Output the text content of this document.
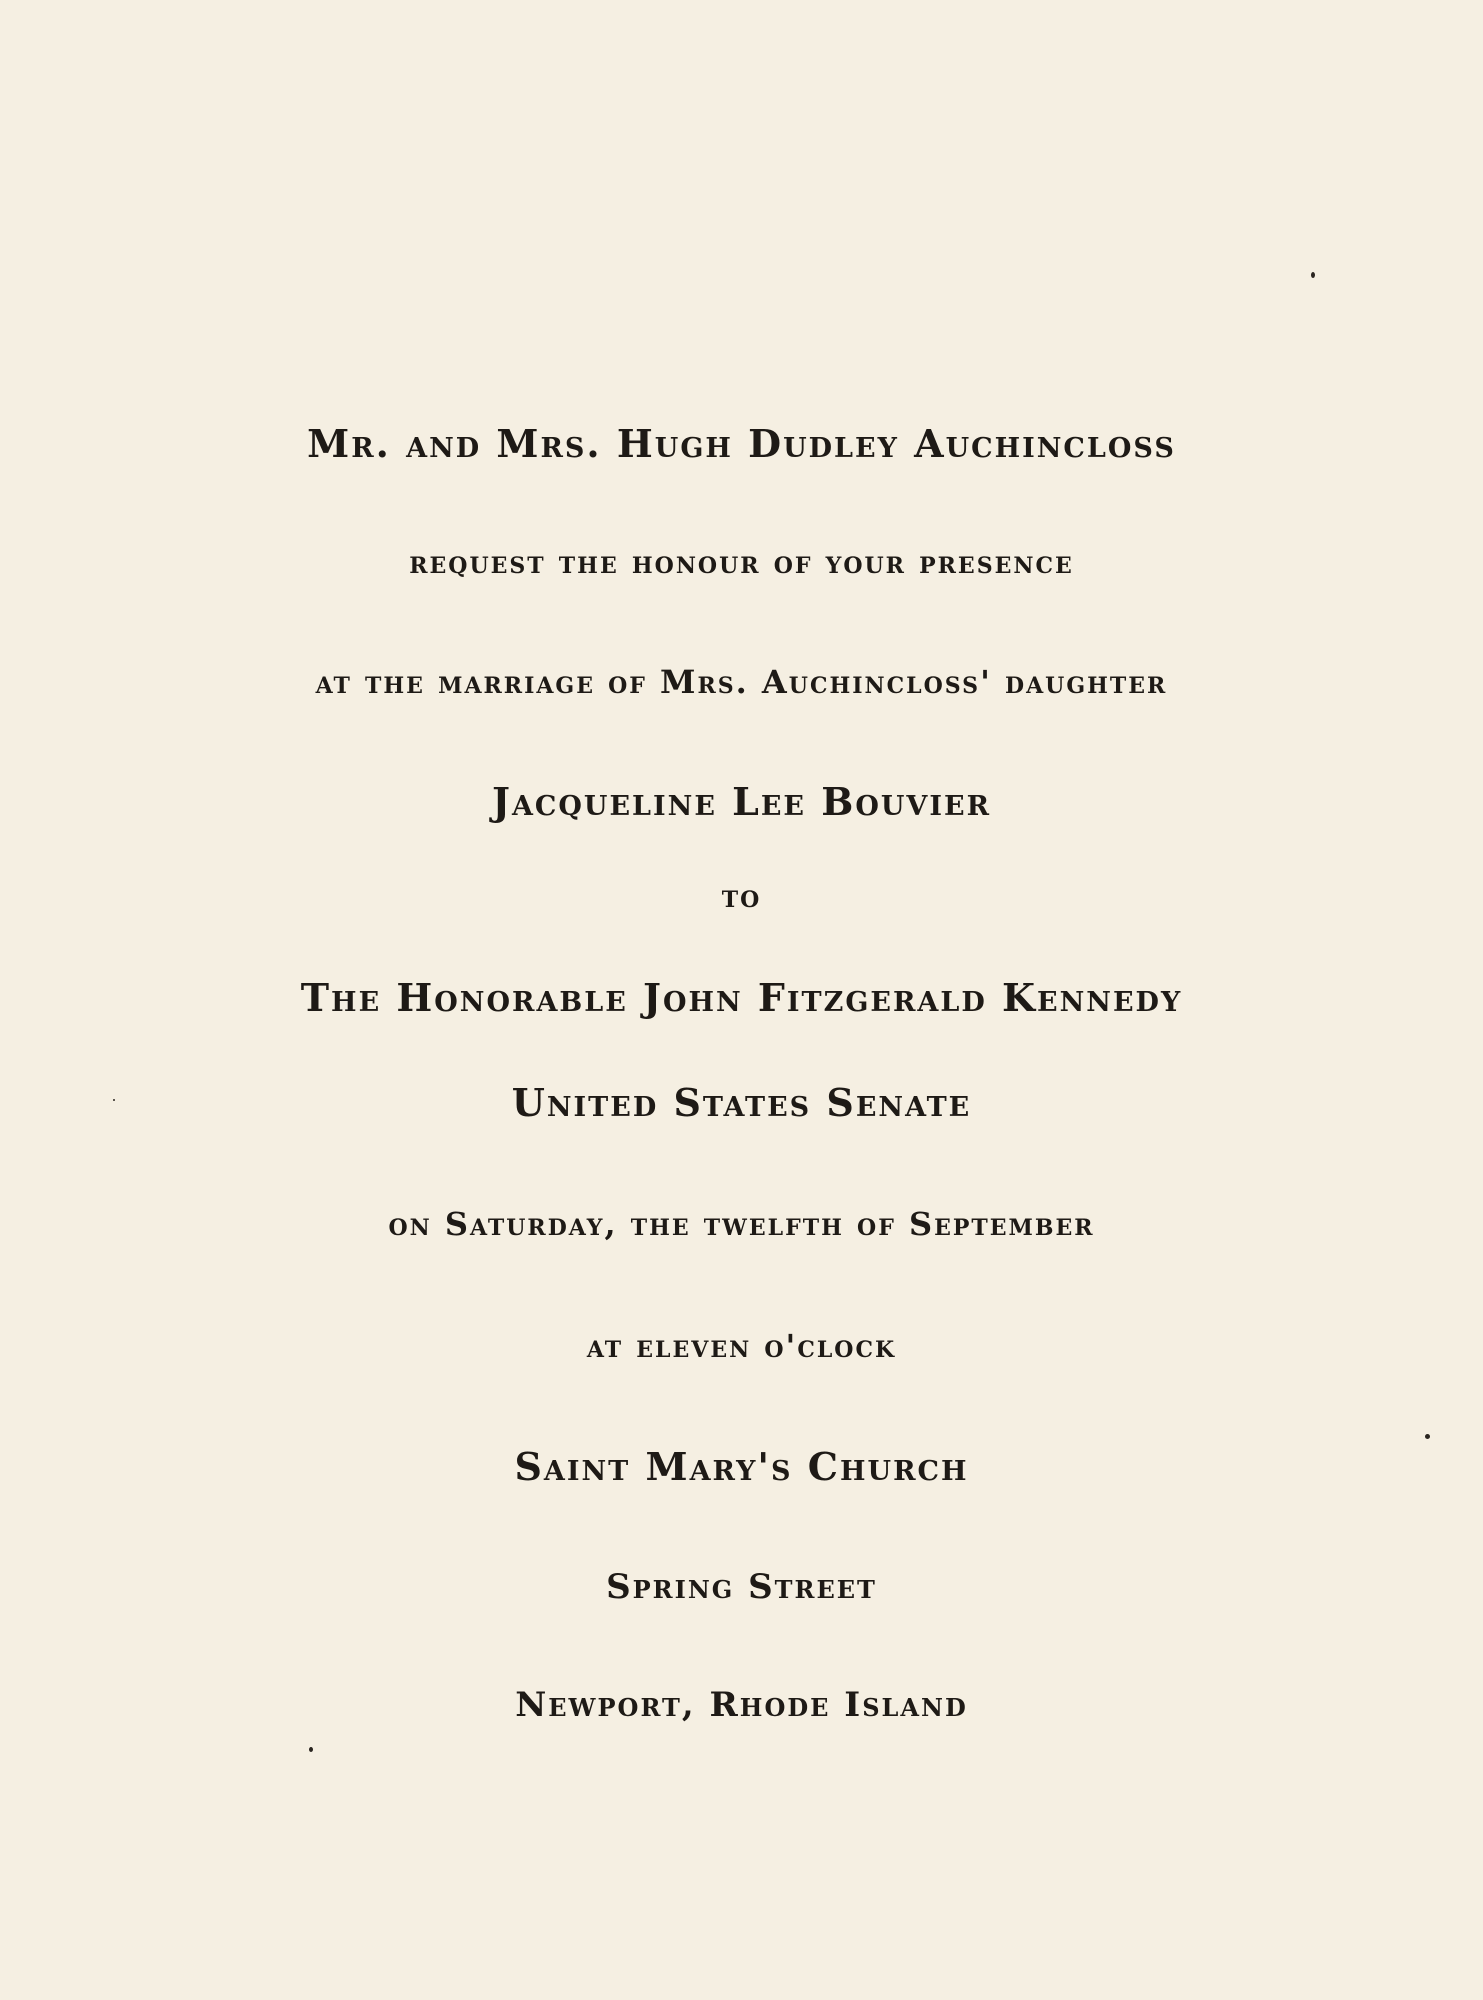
Mr. and Mrs. Hugh Dudley Auchincloss
request the honour of your presence
at the marriage of Mrs. Auchincloss' daughter
Jacqueline Lee Bouvier
to
The Honorable John Fitzgerald Kennedy
United States Senate
on Saturday, the twelfth of September
at eleven o'clock
Saint Mary's Church
Spring Street
Newport, Rhode Island
